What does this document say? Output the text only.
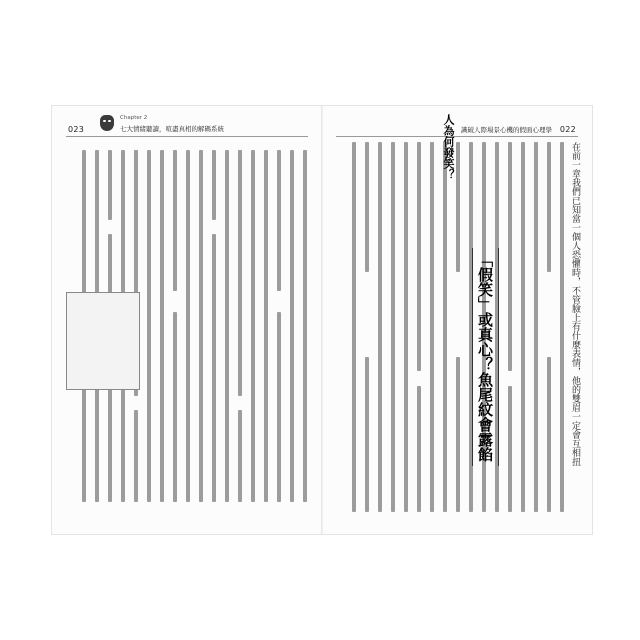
023
Chapter 2
七大情緒聽讀，喧盡真相的解碼系統	識破人際場景心機的假面心理學 022
在前一章我們已知當一個人恐懼時，不管臉上有什麼表情，他的雙眉一定會互相扭
「假笑」或真心？魚尾紋會露餡
人為何發笑？
